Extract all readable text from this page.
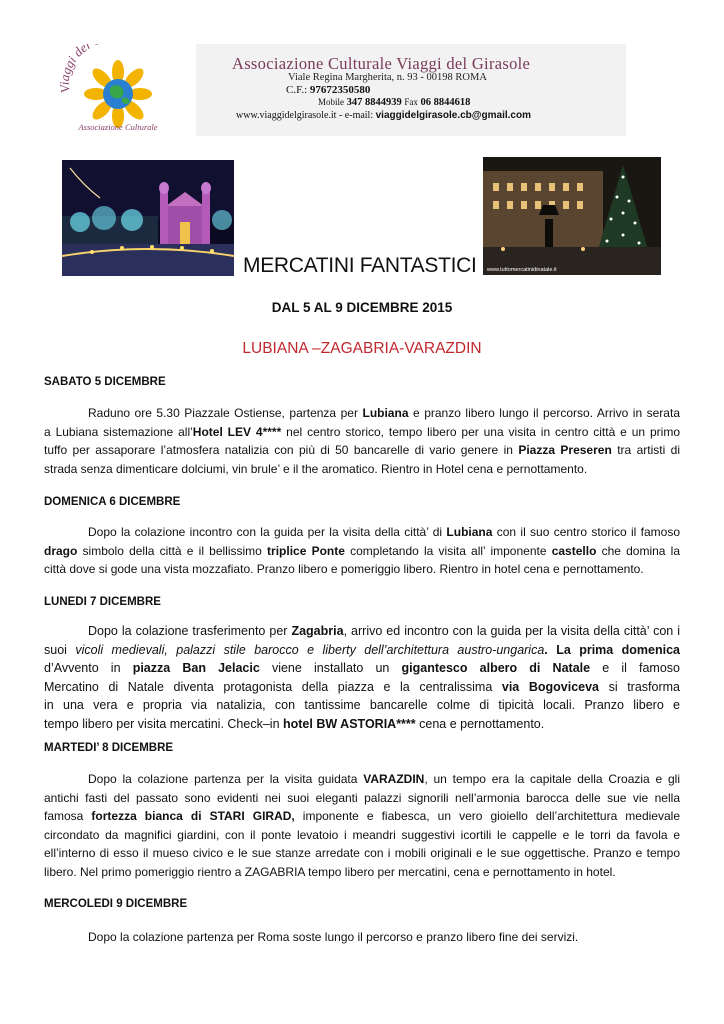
Viaggi del
Associazione Culturale
Associazione Culturale Viaggi del Girasole
Viale Regina Margherita, n. 93 - 00198 ROMA
C.F.: 97672350580
Mobile 347 8844939 Fax 06 8844618
www.viaggidelgirasole.it - e-mail: viaggidelgirasole.cb@gmail.com
www.tuttomercatinidinatale.it
MERCATINI FANTASTICI
DAL 5 AL 9 DICEMBRE 2015
LUBIANA –ZAGABRIA-VARAZDIN
SABATO 5 DICEMBRE

Raduno ore 5.30 Piazzale Ostiense, partenza per Lubiana e pranzo libero lungo il percorso. Arrivo in serata

a Lubiana sistemazione all’Hotel LEV 4**** nel centro storico, tempo libero per una visita in centro città e un primo

tuffo per assaporare l’atmosfera natalizia con più di 50 bancarelle di vario genere in Piazza Preseren tra artisti di

strada senza dimenticare dolciumi, vin brule’ e il the aromatico. Rientro in Hotel cena e pernottamento.

DOMENICA 6 DICEMBRE

Dopo la colazione incontro con la guida per la visita della città’ di Lubiana con il suo centro storico il famoso

drago simbolo della città e il bellissimo triplice Ponte completando la visita all’ imponente castello che domina la

città dove si gode una vista mozzafiato. Pranzo libero e pomeriggio libero. Rientro in hotel cena e pernottamento.

LUNEDI 7 DICEMBRE

Dopo la colazione trasferimento per Zagabria, arrivo ed incontro con la guida per la visita della città’ con i

suoi vicoli medievali, palazzi stile barocco e liberty dell’architettura austro-ungarica. La prima domenica

d’Avvento in piazza Ban Jelacic viene installato un gigantesco albero di Natale e il famoso

Mercatino di Natale diventa protagonista della piazza e la centralissima via Bogoviceva si trasforma

in una vera e propria via natalizia, con tantissime bancarelle colme di tipicità locali. Pranzo libero e

tempo libero per visita mercatini. Check–in hotel BW ASTORIA**** cena e pernottamento.

MARTEDI’ 8 DICEMBRE

Dopo la colazione partenza per la visita guidata VARAZDIN, un tempo era la capitale della Croazia e gli

antichi fasti del passato sono evidenti nei suoi eleganti palazzi signorili nell’armonia barocca delle sue vie nella

famosa fortezza bianca di STARI GIRAD, imponente e fiabesca, un vero gioiello dell’architettura medievale

circondato da magnifici giardini, con il ponte levatoio i meandri suggestivi icortili le cappelle e le torri da favola e

ell’interno di esso il mueso civico e le sue stanze arredate con i mobili originali e le sue oggettische. Pranzo e tempo

libero. Nel primo pomeriggio rientro a ZAGABRIA tempo libero per mercatini, cena e pernottamento in hotel.

MERCOLEDI 9 DICEMBRE

Dopo la colazione partenza per Roma soste lungo il percorso e pranzo libero fine dei servizi.
